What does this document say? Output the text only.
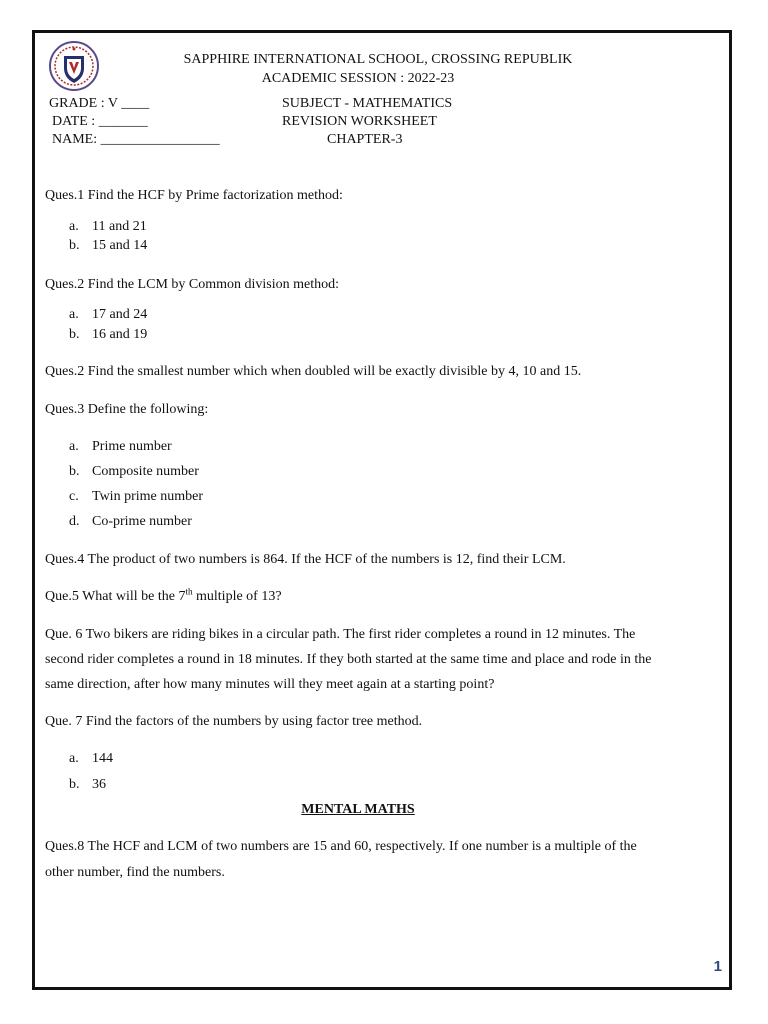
SAPPHIRE INTERNATIONAL SCHOOL, CROSSING REPUBLIK
ACADEMIC SESSION : 2022-23
GRADE : V ____	SUBJECT - MATHEMATICS
DATE : _______	REVISION WORKSHEET
NAME: _________________	CHAPTER-3
Ques.1 Find the HCF by Prime factorization method:
a. 11 and 21
b. 15 and 14
Ques.2 Find the LCM by Common division method:
a. 17 and 24
b. 16 and 19
Ques.2 Find the smallest number which when doubled will be exactly divisible by 4, 10 and 15.
Ques.3 Define the following:
a. Prime number
b. Composite number
c. Twin prime number
d. Co-prime number
Ques.4 The product of two numbers is 864. If the HCF of the numbers is 12, find their LCM.
Que.5 What will be the 7th multiple of 13?
Que. 6 Two bikers are riding bikes in a circular path. The first rider completes a round in 12 minutes. The
second rider completes a round in 18 minutes. If they both started at the same time and place and rode in the
same direction, after how many minutes will they meet again at a starting point?
Que. 7 Find the factors of the numbers by using factor tree method.
a. 144
b. 36
MENTAL MATHS
Ques.8 The HCF and LCM of two numbers are 15 and 60, respectively. If one number is a multiple of the
other number, find the numbers.
1
